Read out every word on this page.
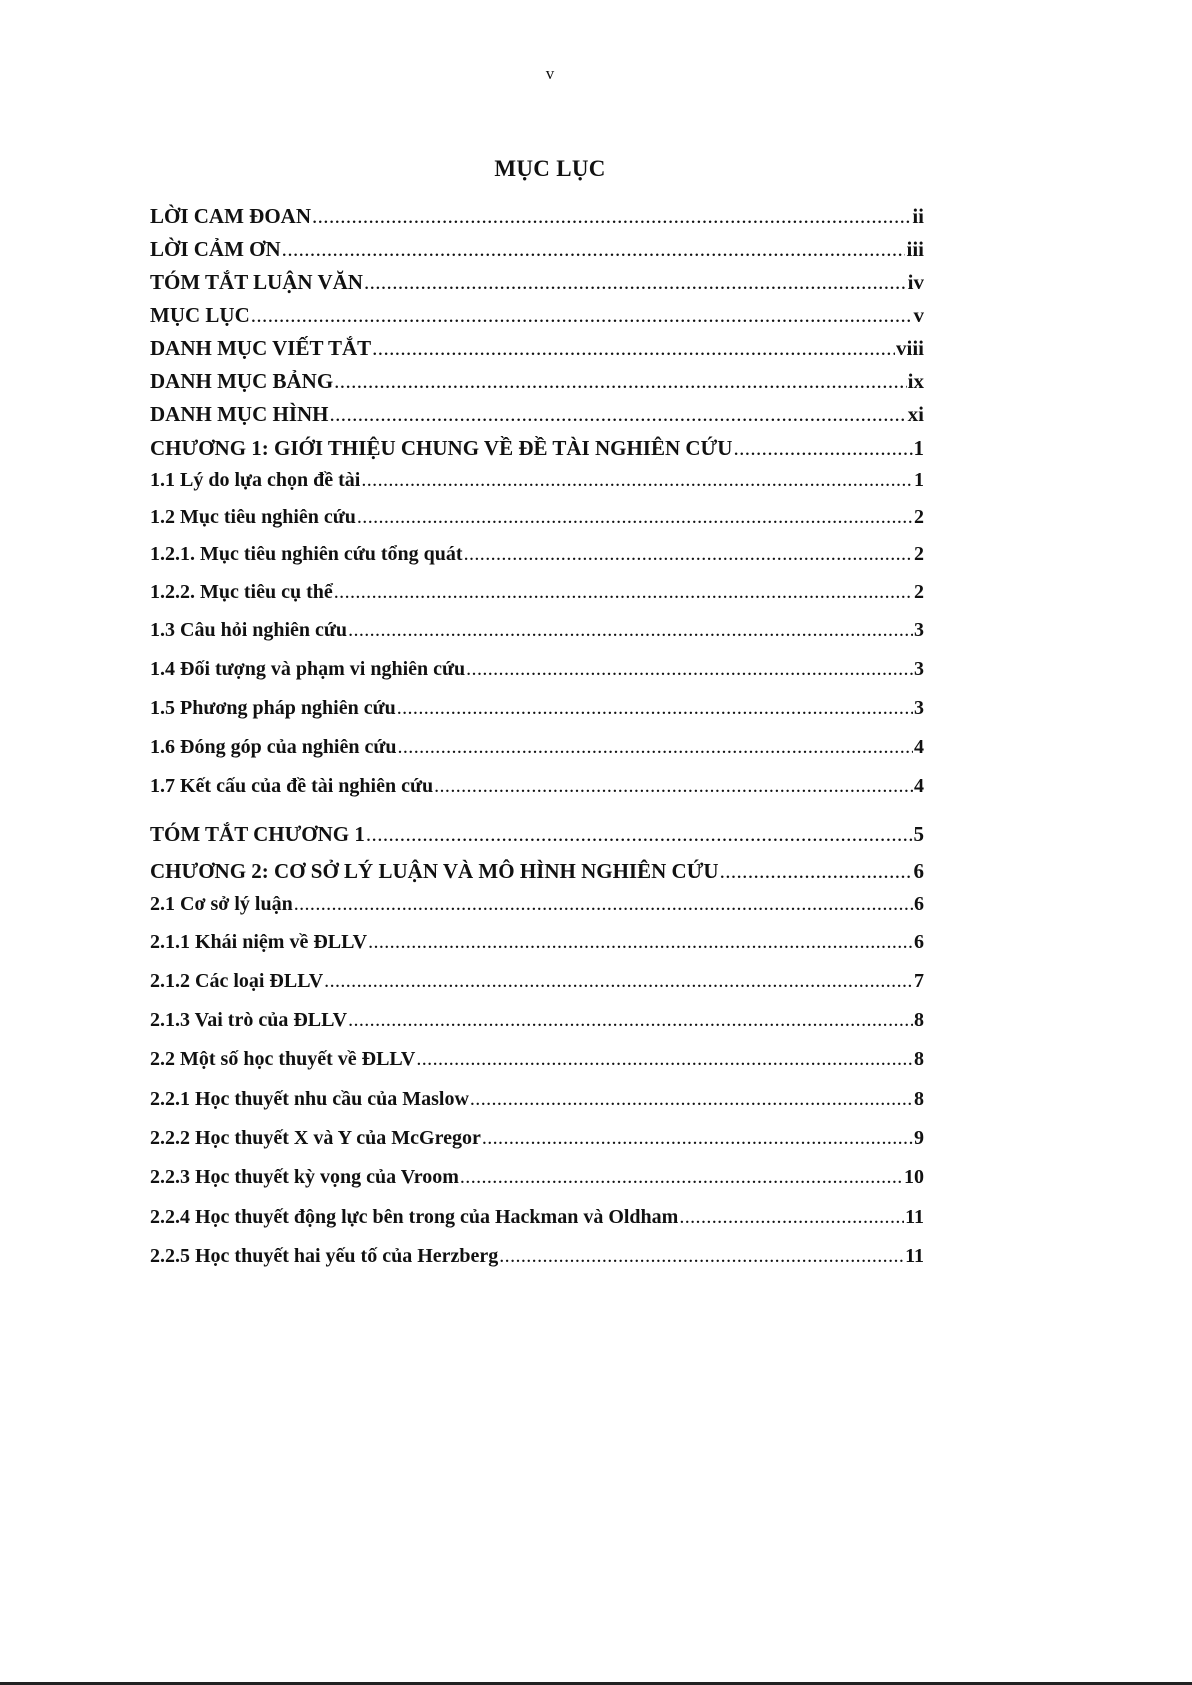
v
MỤC LỤC
LỜI CAM ĐOAN .....	ii
LỜI CẢM ƠN .....	iii
TÓM TẮT LUẬN VĂN .....	iv
MỤC LỤC .....	v
DANH MỤC VIẾT TẮT .....	viii
DANH MỤC BẢNG .....	ix
DANH MỤC HÌNH .....	xi
CHƯƠNG 1: GIỚI THIỆU CHUNG VỀ ĐỀ TÀI NGHIÊN CỨU .....	1
1.1 Lý do lựa chọn đề tài .....	1
1.2 Mục tiêu nghiên cứu .....	2
1.2.1. Mục tiêu nghiên cứu tổng quát .....	2
1.2.2. Mục tiêu cụ thể .....	2
1.3 Câu hỏi nghiên cứu .....	3
1.4 Đối tượng và phạm vi nghiên cứu .....	3
1.5 Phương pháp nghiên cứu .....	3
1.6 Đóng góp của nghiên cứu .....	4
1.7 Kết cấu của đề tài nghiên cứu .....	4
TÓM TẮT CHƯƠNG 1 .....	5
CHƯƠNG 2: CƠ SỞ LÝ LUẬN VÀ MÔ HÌNH NGHIÊN CỨU .....	6
2.1 Cơ sở lý luận .....	6
2.1.1 Khái niệm về ĐLLV .....	6
2.1.2 Các loại ĐLLV .....	7
2.1.3 Vai trò của ĐLLV .....	8
2.2 Một số học thuyết về ĐLLV .....	8
2.2.1 Học thuyết nhu cầu của Maslow .....	8
2.2.2 Học thuyết X và Y của McGregor .....	9
2.2.3 Học thuyết kỳ vọng của Vroom .....	10
2.2.4 Học thuyết động lực bên trong của Hackman và Oldham .....	11
2.2.5 Học thuyết hai yếu tố của Herzberg .....	11
